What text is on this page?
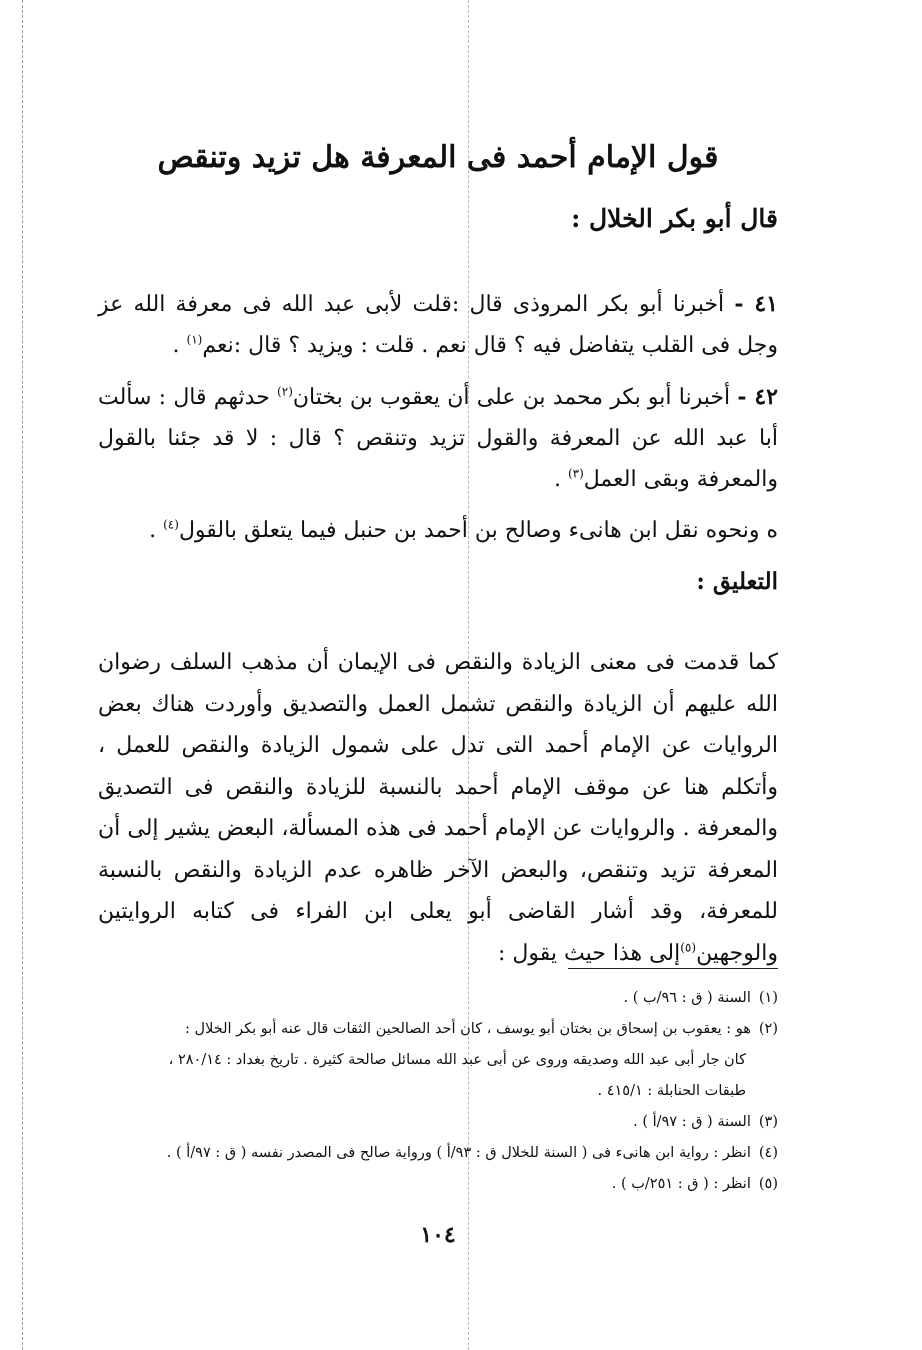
قول الإمام أحمد فى المعرفة هل تزيد وتنقص
قال أبو بكر الخلال :

٤١ - أخبرنا أبو بكر المروذى قال :قلت لأبى عبد الله فى معرفة الله عز وجل فى القلب يتفاضل فيه ؟ قال نعم . قلت : ويزيد ؟ قال :نعم$^{(١)}$ .

٤٢ - أخبرنا أبو بكر محمد بن على أن يعقوب بن بختان$^{(٢)}$ حدثهم قال : سألت أبا عبد الله عن المعرفة والقول تزيد وتنقص ؟ قال : لا قد جئنا بالقول والمعرفة وبقى العمل$^{(٣)}$ .

ه ونحوه نقل ابن هانىء وصالح بن أحمد بن حنبل فيما يتعلق بالقول$^{(٤)}$ .

التعليق :

كما قدمت فى معنى الزيادة والنقص فى الإيمان أن مذهب السلف رضوان الله عليهم أن الزيادة والنقص تشمل العمل والتصديق وأوردت هناك بعض الروايات عن الإمام أحمد التى تدل على شمول الزيادة والنقص للعمل ، وأتكلم هنا عن موقف الإمام أحمد بالنسبة للزيادة والنقص فى التصديق والمعرفة . والروايات عن الإمام أحمد فى هذه المسألة، البعض يشير إلى أن المعرفة تزيد وتنقص، والبعض الآخر ظاهره عدم الزيادة والنقص بالنسبة للمعرفة، وقد أشار القاضى أبو يعلى ابن الفراء فى كتابه الروايتين والوجهين$^{(٥)}$إلى هذا حيث يقول :

(١)السنة ( ق : ٩٦/ب ) .

(٢)هو : يعقوب بن إسحاق بن بختان أبو يوسف ، كان أحد الصالحين الثقات قال عنه أبو بكر الخلال :

كان جار أبى عبد الله وصديقه وروى عن أبى عبد الله مسائل صالحة كثيرة . تاريخ بغداد : ٢٨٠/١٤ ،

طبقات الحنابلة : ٤١٥/١ .

(٣)السنة ( ق : ٩٧/أ ) .

(٤)انظر : رواية ابن هانىء فى ( السنة للخلال ق : ٩٣/أ ) ورواية صالح فى المصدر نفسه ( ق : ٩٧/أ ) .

(٥)انظر : ( ق : ٢٥١/ب ) .

١٠٤
